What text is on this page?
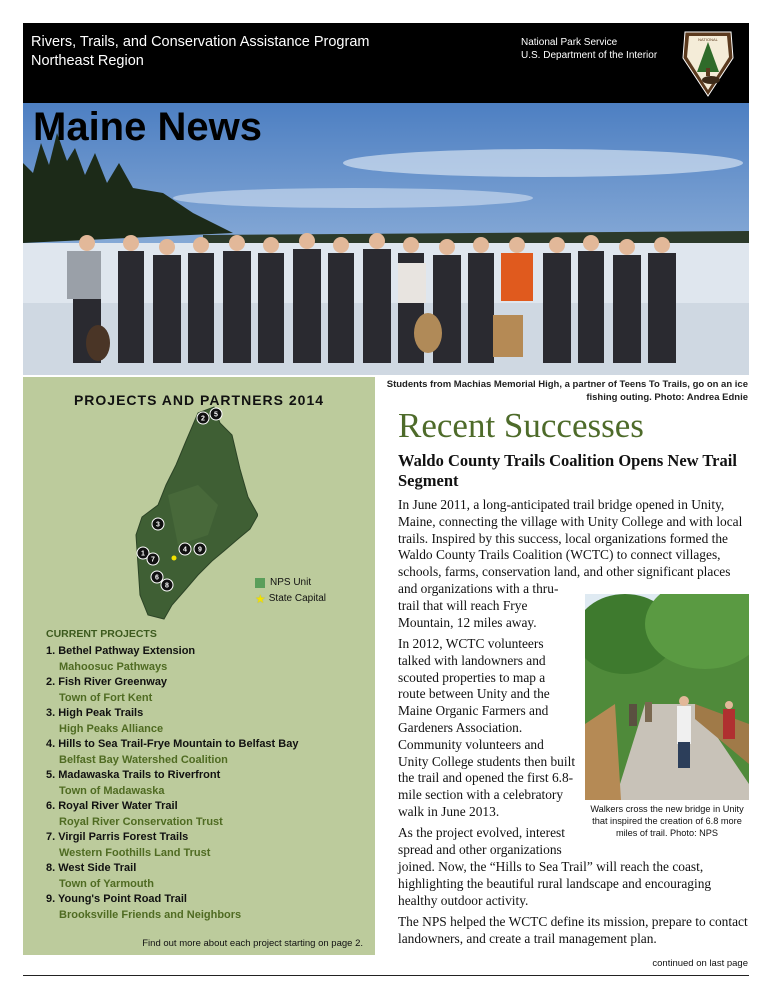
Rivers, Trails, and Conservation Assistance Program
Northeast Region
National Park Service
U.S. Department of the Interior
NATIONAL
Maine News
Students from Machias Memorial High, a partner of Teens To Trails, go on an ice fishing outing. Photo: Andrea Ednie
PROJECTS AND PARTNERS 2014
2
5
3
1
7
4 9
6
8	NPS Unit
★ State Capital
CURRENT PROJECTS
1. Bethel Pathway Extension
Mahoosuc Pathways
2. Fish River Greenway
Town of Fort Kent
3. High Peak Trails
High Peaks Alliance
4. Hills to Sea Trail-Frye Mountain to Belfast Bay
Belfast Bay Watershed Coalition
5. Madawaska Trails to Riverfront
Town of Madawaska
6. Royal River Water Trail
Royal River Conservation Trust
7. Virgil Parris Forest Trails
Western Foothills Land Trust
8. West Side Trail
Town of Yarmouth
9. Young's Point Road Trail
Brooksville Friends and Neighbors
Find out more about each project starting on page 2.
Recent Successes
Waldo County Trails Coalition Opens New Trail Segment

In June 2011, a long-anticipated trail bridge opened in Unity, Maine, connecting the village with Unity College and with local trails. Inspired by this success, local organizations formed the Waldo County Trails Coalition (WCTC) to connect villages, schools, farms, conservation land, and other significant places

and organizations with a thru-trail that will reach Frye Mountain, 12 miles away.

In 2012, WCTC volunteers talked with landowners and scouted properties to map a route between Unity and the Maine Organic Farmers and Gardeners Association. Community volunteers and Unity College students then built the trail and opened the first 6.8-mile section with a celebratory walk in June 2013.

As the project evolved, interest spread and other organizations

joined. Now, the “Hills to Sea Trail” will reach the coast, highlighting the beautiful rural landscape and encouraging healthy outdoor activity.

The NPS helped the WCTC define its mission, prepare to contact landowners, and create a trail management plan.

Walkers cross the new bridge in Unity that inspired the creation of 6.8 more miles of trail. Photo: NPS
continued on last page
